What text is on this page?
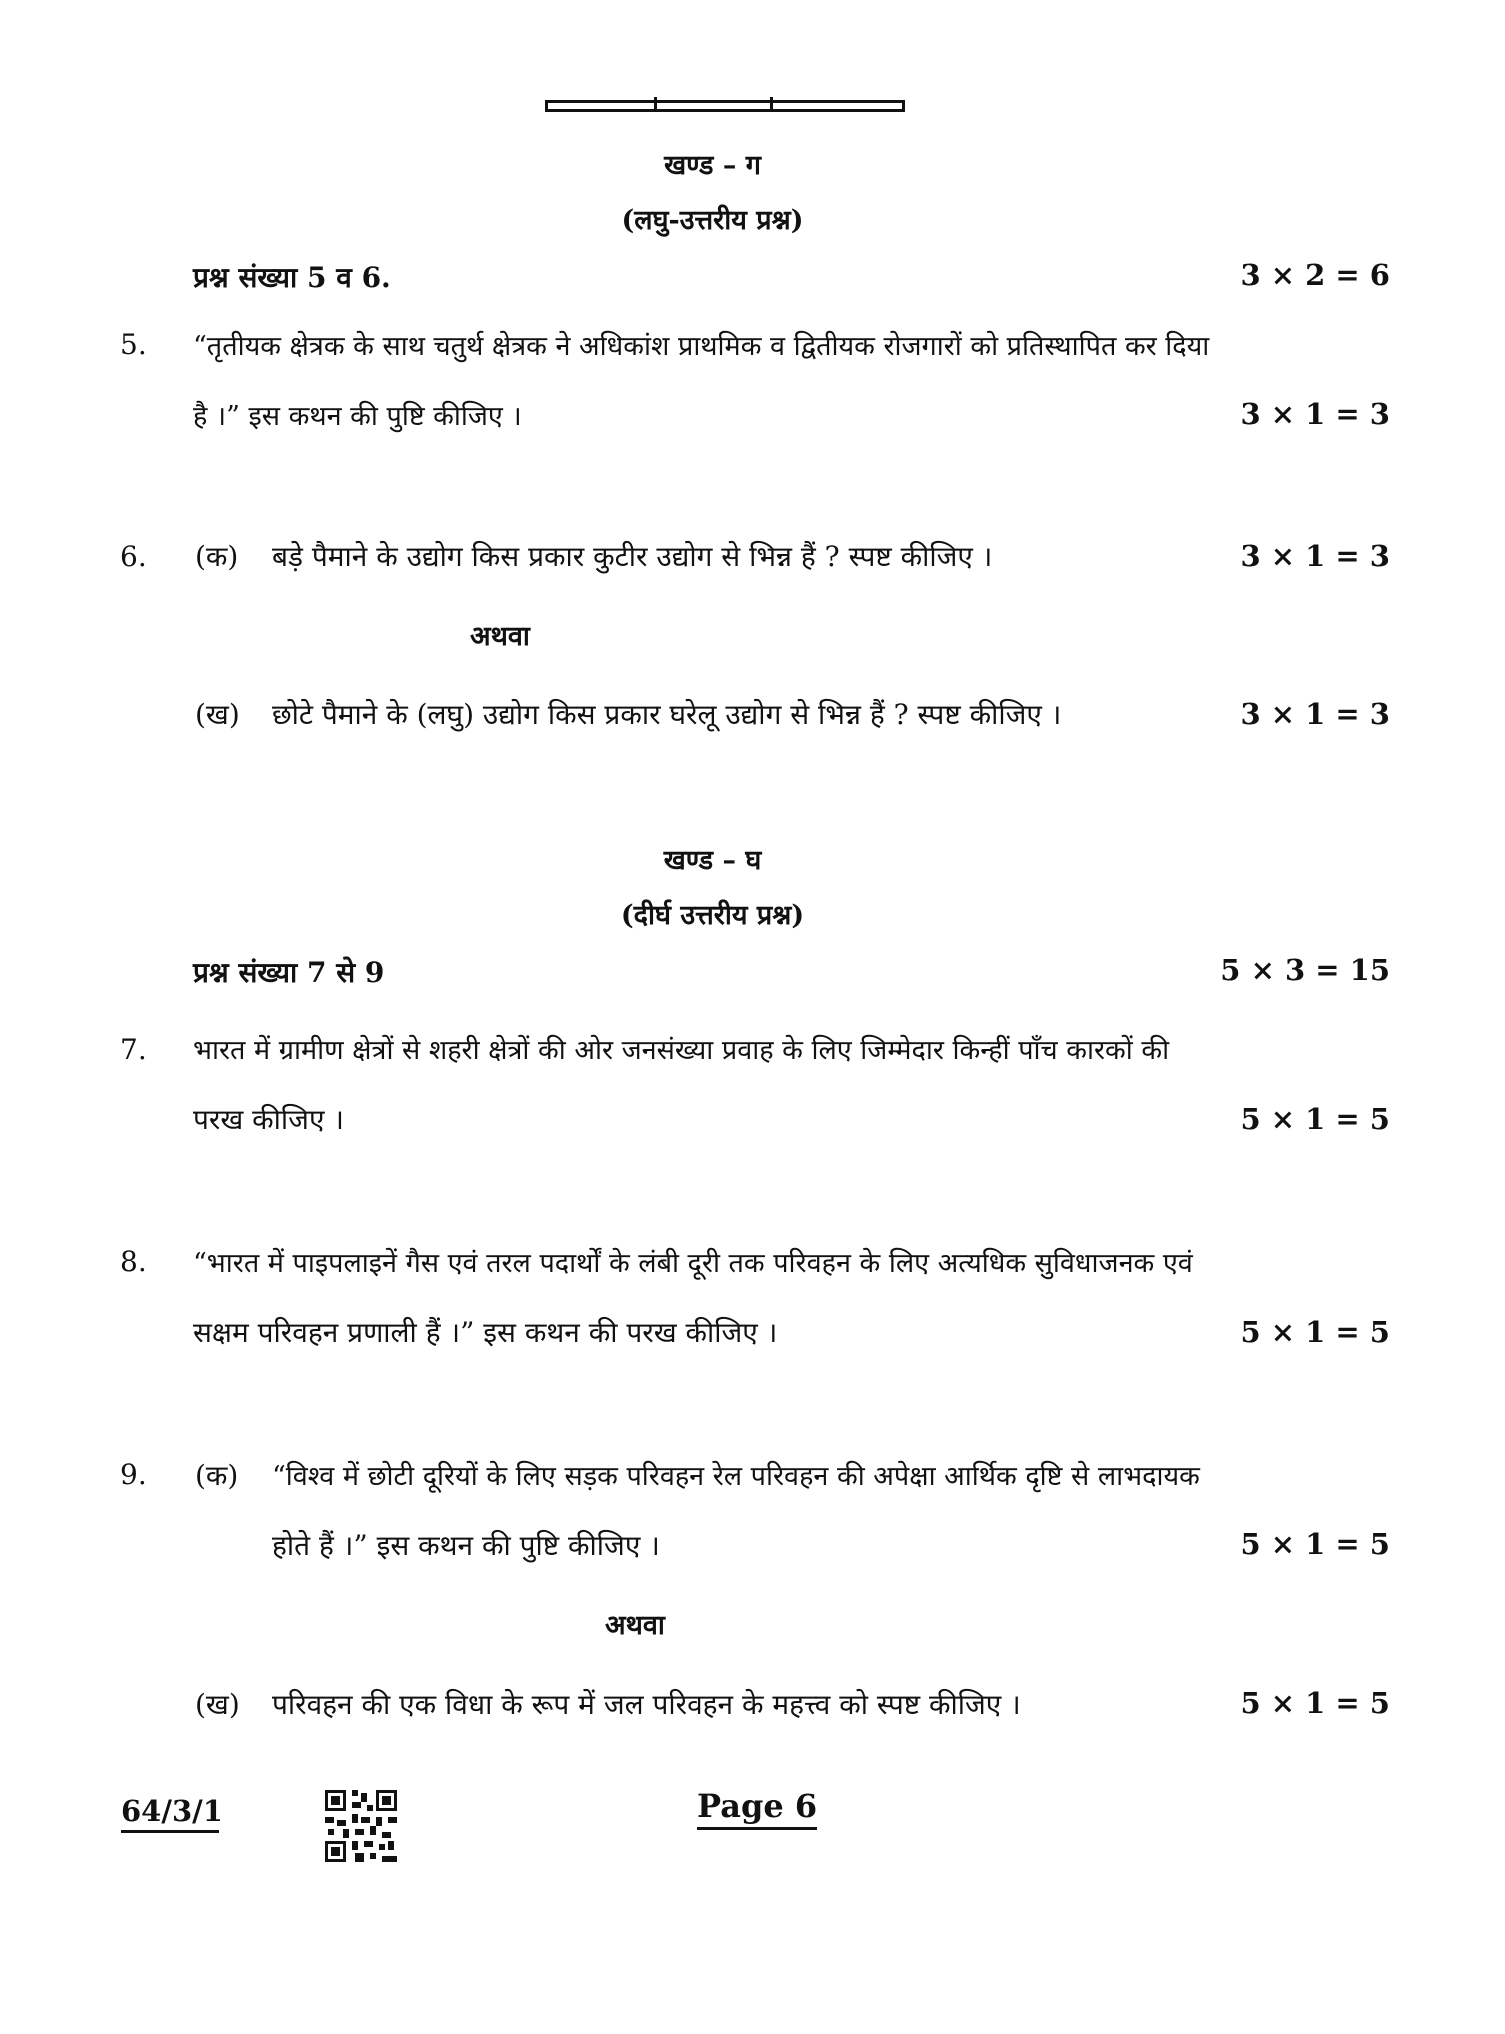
खण्ड – ग
(लघु-उत्तरीय प्रश्न)
प्रश्न संख्या 5 व 6.	3 × 2 = 6
5. “तृतीयक क्षेत्रक के साथ चतुर्थ क्षेत्रक ने अधिकांश प्राथमिक व द्वितीयक रोजगारों को प्रतिस्थापित कर दिया
है ।” इस कथन की पुष्टि कीजिए ।	3 × 1 = 3
6. (क) बड़े पैमाने के उद्योग किस प्रकार कुटीर उद्योग से भिन्न हैं ? स्पष्ट कीजिए ।	3 × 1 = 3
अथवा
(ख) छोटे पैमाने के (लघु) उद्योग किस प्रकार घरेलू उद्योग से भिन्न हैं ? स्पष्ट कीजिए ।	3 × 1 = 3
खण्ड – घ
(दीर्घ उत्तरीय प्रश्न)
प्रश्न संख्या 7 से 9	5 × 3 = 15
7. भारत में ग्रामीण क्षेत्रों से शहरी क्षेत्रों की ओर जनसंख्या प्रवाह के लिए जिम्मेदार किन्हीं पाँच कारकों की
परख कीजिए ।	5 × 1 = 5
8. “भारत में पाइपलाइनें गैस एवं तरल पदार्थों के लंबी दूरी तक परिवहन के लिए अत्यधिक सुविधाजनक एवं
सक्षम परिवहन प्रणाली हैं ।” इस कथन की परख कीजिए ।	5 × 1 = 5
9. (क) “विश्व में छोटी दूरियों के लिए सड़क परिवहन रेल परिवहन की अपेक्षा आर्थिक दृष्टि से लाभदायक
होते हैं ।” इस कथन की पुष्टि कीजिए ।	5 × 1 = 5
अथवा
(ख) परिवहन की एक विधा के रूप में जल परिवहन के महत्त्व को स्पष्ट कीजिए ।	5 × 1 = 5
64/3/1	Page 6
